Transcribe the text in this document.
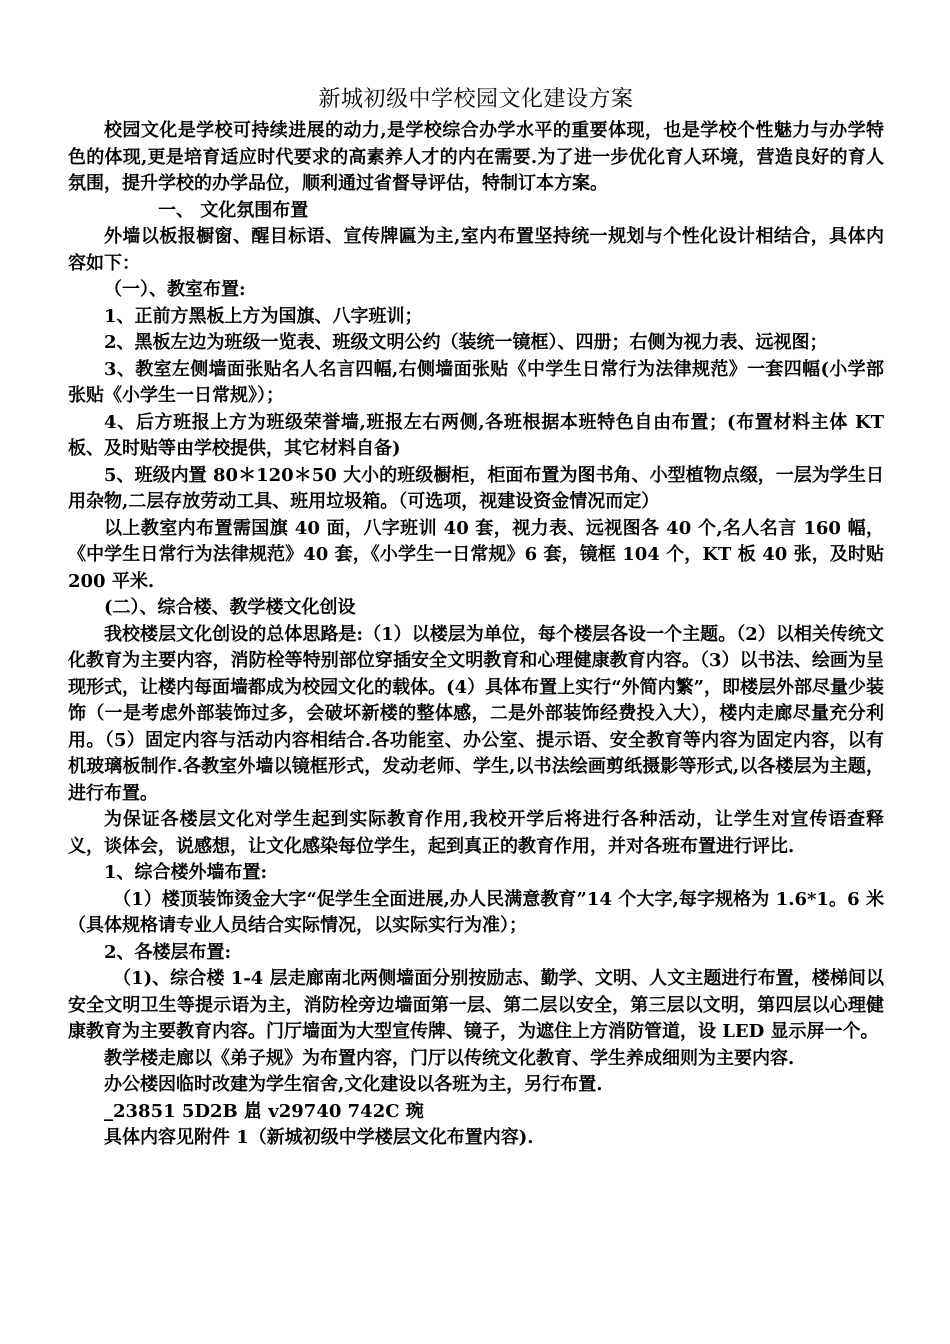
新城初级中学校园文化建设方案

校园文化是学校可持续进展的动力,是学校综合办学水平的重要体现，也是学校个性魅力与办学特色的体现,更是培育适应时代要求的高素养人才的内在需要.为了进一步优化育人环境，营造良好的育人氛围，提升学校的办学品位，顺利通过省督导评估，特制订本方案。

一、 文化氛围布置

外墙以板报橱窗、醒目标语、宣传牌匾为主,室内布置坚持统一规划与个性化设计相结合，具体内容如下：

（一）、教室布置:

1、正前方黑板上方为国旗、八字班训；

2、黑板左边为班级一览表、班级文明公约（装统一镜框）、四册；右侧为视力表、远视图；

3、教室左侧墙面张贴名人名言四幅,右侧墙面张贴《中学生日常行为法律规范》一套四幅(小学部张贴《小学生一日常规》）；

4、后方班报上方为班级荣誉墙,班报左右两侧,各班根据本班特色自由布置；(布置材料主体 KT 板、及时贴等由学校提供，其它材料自备)

5、班级内置 80＊120＊50 大小的班级橱柜，柜面布置为图书角、小型植物点缀，一层为学生日用杂物,二层存放劳动工具、班用垃圾箱。（可选项，视建设资金情况而定）

以上教室内布置需国旗 40 面，八字班训 40 套，视力表、远视图各 40 个,名人名言 160 幅，《中学生日常行为法律规范》40 套，《小学生一日常规》6 套，镜框 104 个，KT 板 40 张，及时贴 200 平米.

(二）、综合楼、教学楼文化创设

我校楼层文化创设的总体思路是:（1）以楼层为单位，每个楼层各设一个主题。（2）以相关传统文化教育为主要内容，消防栓等特别部位穿插安全文明教育和心理健康教育内容。（3）以书法、绘画为呈现形式，让楼内每面墙都成为校园文化的载体。(4）具体布置上实行“外简内繁”，即楼层外部尽量少装饰（一是考虑外部装饰过多，会破坏新楼的整体感，二是外部装饰经费投入大），楼内走廊尽量充分利用。（5）固定内容与活动内容相结合.各功能室、办公室、提示语、安全教育等内容为固定内容，以有机玻璃板制作.各教室外墙以镜框形式，发动老师、学生,以书法绘画剪纸摄影等形式,以各楼层为主题，进行布置。

为保证各楼层文化对学生起到实际教育作用,我校开学后将进行各种活动，让学生对宣传语查释义，谈体会，说感想，让文化感染每位学生，起到真正的教育作用，并对各班布置进行评比.

1、综合楼外墙布置:

（1）楼顶装饰烫金大字“促学生全面进展,办人民满意教育”14 个大字,每字规格为 1.6*1。6 米（具体规格请专业人员结合实际情况，以实际实行为准）；

2、各楼层布置:

（1)、综合楼 1-4 层走廊南北两侧墙面分别按励志、勤学、文明、人文主题进行布置，楼梯间以安全文明卫生等提示语为主，消防栓旁边墙面第一层、第二层以安全，第三层以文明，第四层以心理健康教育为主要教育内容。门厅墙面为大型宣传牌、镜子，为遮住上方消防管道，设 LED 显示屏一个。

教学楼走廊以《弟子规》为布置内容，门厅以传统文化教育、学生养成细则为主要内容.

办公楼因临时改建为学生宿舍,文化建设以各班为主，另行布置.

_23851 5D2B 崫 v29740 742C 琬

具体内容见附件 1（新城初级中学楼层文化布置内容).
